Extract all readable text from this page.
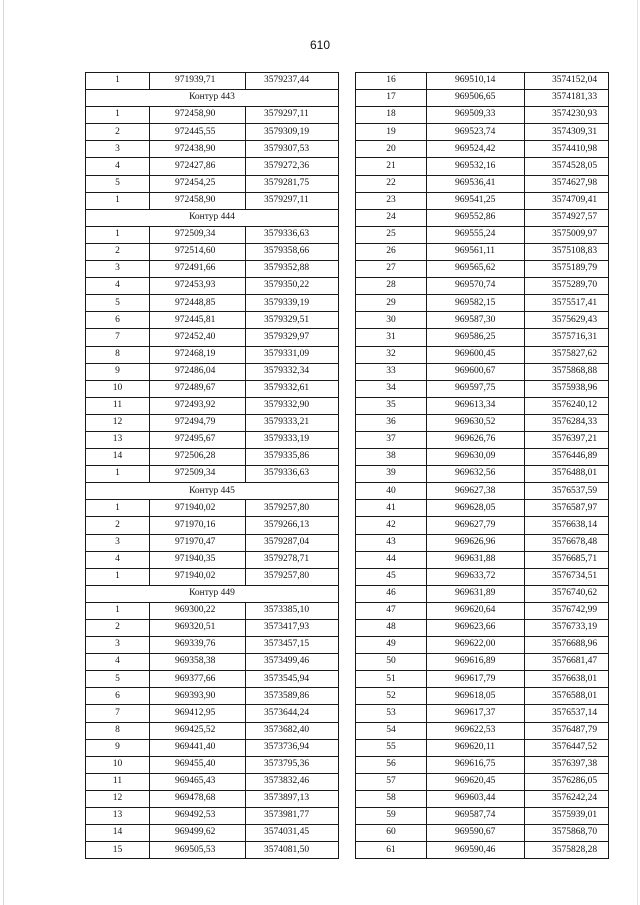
610
1	971939,71	3579237,44
Контур 443		
1	972458,90	3579297,11
2	972445,55	3579309,19
3	972438,90	3579307,53
4	972427,86	3579272,36
5	972454,25	3579281,75
1	972458,90	3579297,11
Контур 444		
1	972509,34	3579336,63
2	972514,60	3579358,66
3	972491,66	3579352,88
4	972453,93	3579350,22
5	972448,85	3579339,19
6	972445,81	3579329,51
7	972452,40	3579329,97
8	972468,19	3579331,09
9	972486,04	3579332,34
10	972489,67	3579332,61
11	972493,92	3579332,90
12	972494,79	3579333,21
13	972495,67	3579333,19
14	972506,28	3579335,86
1	972509,34	3579336,63
Контур 445		
1	971940,02	3579257,80
2	971970,16	3579266,13
3	971970,47	3579287,04
4	971940,35	3579278,71
1	971940,02	3579257,80
Контур 449		
1	969300,22	3573385,10
2	969320,51	3573417,93
3	969339,76	3573457,15
4	969358,38	3573499,46
5	969377,66	3573545,94
6	969393,90	3573589,86
7	969412,95	3573644,24
8	969425,52	3573682,40
9	969441,40	3573736,94
10	969455,40	3573795,36
11	969465,43	3573832,46
12	969478,68	3573897,13
13	969492,53	3573981,77
14	969499,62	3574031,45
15	969505,53	3574081,50
16	969510,14	3574152,04
17	969506,65	3574181,33
18	969509,33	3574230,93
19	969523,74	3574309,31
20	969524,42	3574410,98
21	969532,16	3574528,05
22	969536,41	3574627,98
23	969541,25	3574709,41
24	969552,86	3574927,57
25	969555,24	3575009,97
26	969561,11	3575108,83
27	969565,62	3575189,79
28	969570,74	3575289,70
29	969582,15	3575517,41
30	969587,30	3575629,43
31	969586,25	3575716,31
32	969600,45	3575827,62
33	969600,67	3575868,88
34	969597,75	3575938,96
35	969613,34	3576240,12
36	969630,52	3576284,33
37	969626,76	3576397,21
38	969630,09	3576446,89
39	969632,56	3576488,01
40	969627,38	3576537,59
41	969628,05	3576587,97
42	969627,79	3576638,14
43	969626,96	3576678,48
44	969631,88	3576685,71
45	969633,72	3576734,51
46	969631,89	3576740,62
47	969620,64	3576742,99
48	969623,66	3576733,19
49	969622,00	3576688,96
50	969616,89	3576681,47
51	969617,79	3576638,01
52	969618,05	3576588,01
53	969617,37	3576537,14
54	969622,53	3576487,79
55	969620,11	3576447,52
56	969616,75	3576397,38
57	969620,45	3576286,05
58	969603,44	3576242,24
59	969587,74	3575939,01
60	969590,67	3575868,70
61	969590,46	3575828,28
